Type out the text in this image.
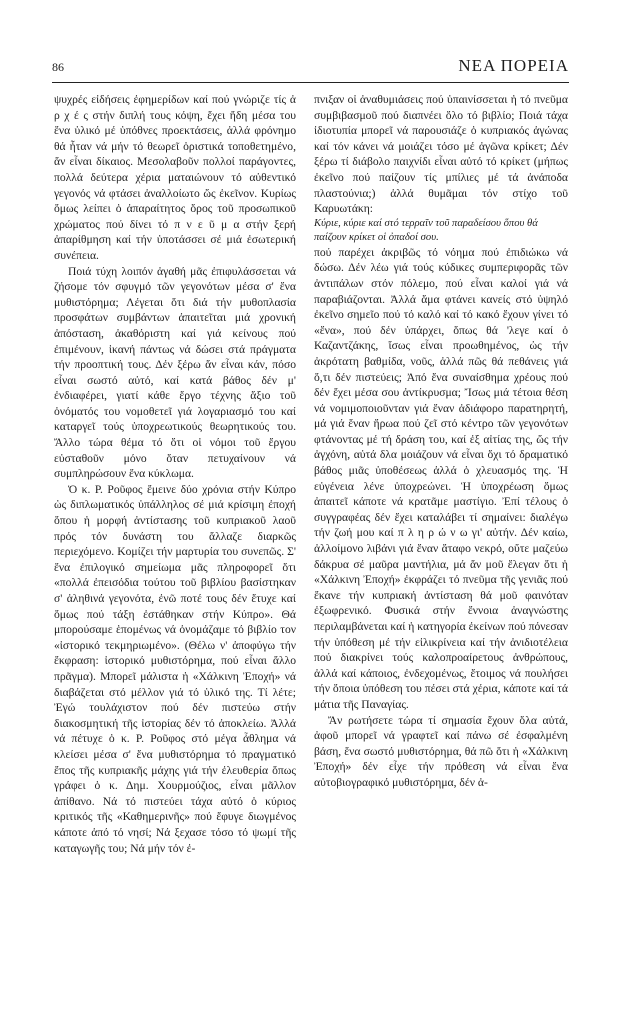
86	ΝΕΑ ΠΟΡΕΙΑ

ψυχρές εἰδήσεις ἐφημερίδων καί πού γνώριζε τίς ἀ ρ χ έ ς στήν διπλή τους κόψη, ἔχει ἤδη μέσα του ἕνα ὑλικό μέ ὑπόθνες προεκτάσεις, ἀλλά φρόνημο θά ἦταν νά μήν τό θεωρεῖ ὁριστικά τοποθετημένο, ἄν εἶναι δίκαιος. Μεσολαβοῦν πολλοί παράγοντες, πολλά δεύτερα χέρια ματαιώνουν τό αὐθεντικό γεγονός νά φτάσει ἀναλλοίωτο ὥς ἐκεῖνον. Κυρίως ὅμως λείπει ὁ ἀπαραίτητος ὅρος τοῦ προσωπικοῦ χρώματος πού δίνει τό π ν ε ῦ μ α στήν ξερή ἀπαρίθμηση καί τήν ὑποτάσσει σέ μιά ἐσωτερική συνέπεια.

Ποιά τύχη λοιπόν ἀγαθή μᾶς ἐπιφυλάσσεται νά ζήσομε τόν σφυγμό τῶν γεγονότων μέσα σ' ἕνα μυθιστόρημα; Λέγεται ὅτι διά τήν μυθοπλασία προσφάτων συμβάντων ἀπαιτεῖται μιά χρονική ἀπόσταση, ἀκαθόριστη καί γιά κείνους πού ἐπιμένουν, ἱκανή πάντως νά δώσει στά πράγματα τήν προοπτική τους. Δέν ξέρω ἄν εἶναι κάν, πόσο εἶναι σωστό αὐτό, καί κατά βάθος δέν μ' ἐνδιαφέρει, γιατί κάθε ἔργο τέχνης ἄξιο τοῦ ὀνόματός του νομοθετεῖ γιά λογαριασμό του καί καταργεῖ τούς ὑποχρεωτικούς θεωρητικούς του. Ἄλλο τώρα θέμα τό ὅτι οἱ νόμοι τοῦ ἔργου εὐσταθοῦν μόνο ὅταν πετυχαίνουν νά συμπληρώσουν ἕνα κύκλωμα.

Ὁ κ. Ρ. Ροῦφος ἔμεινε δύο χρόνια στήν Κύπρο ὡς διπλωματικός ὑπάλληλος σέ μιά κρίσιμη ἐποχή ὅπου ἡ μορφή ἀντίστασης τοῦ κυπριακοῦ λαοῦ πρός τόν δυνάστη του ἄλλαζε διαρκῶς περιεχόμενο. Κομίζει τήν μαρτυρία του συνεπῶς. Σ' ἕνα ἐπιλογικό σημείωμα μᾶς πληροφορεῖ ὅτι «πολλά ἐπεισόδια τούτου τοῦ βιβλίου βασίστηκαν σ' ἀληθινά γεγονότα, ἐνῶ ποτέ τους δέν ἔτυχε καί ὅμως πού τάξη ἐστάθηκαν στήν Κύπρο». Θά μπορούσαμε ἑπομένως νά ὀνομάζαμε τό βιβλίο τον «ἱστορικό τεκμηριωμένο». (Θέλω ν' ἀποφύγω τήν ἔκφραση: ἱστορικό μυθιστόρημα, πού εἶναι ἄλλο πρᾶγμα). Μπορεῖ μάλιστα ἡ «Χάλκινη Ἐποχή» νά διαβάζεται στό μέλλον γιά τό ὑλικό της. Τί λέτε; Ἐγώ τουλάχιστον πού δέν πιστεύω στήν διακοσμητική τῆς ἱστορίας δέν τό ἀποκλείω. Ἀλλά νά πέτυχε ὁ κ. Ρ. Ροῦφος στό μέγα ἆθλημα νά κλείσει μέσα σ' ἕνα μυθιστόρημα τό πραγματικό ἔπος τῆς κυπριακῆς μάχης γιά τήν ἐλευθερία ὅπως γράφει ὁ κ. Δημ. Χουρμούζιος, εἶναι μᾶλλον ἀπίθανο. Νά τό πιστεύει τάχα αὐτό ὁ κύριος κριτικός τῆς «Καθημερινῆς» πού ἔφυγε διωγμένος κάποτε ἀπό τό νησί; Νά ξεχασε τόσο τό ψωμί τῆς καταγωγῆς του; Νά μήν τόν ἐ-

πνιξαν οἱ ἀναθυμιάσεις πού ὑπαινίσσεται ἡ τό πνεῦμα συμβιβασμοῦ πού διαπνέει ὅλο τό βιβλίο; Ποιά τάχα ἰδιοτυπία μπορεῖ νά παρουσιάζε ὁ κυπριακός ἀγώνας καί τόν κάνει νά μοιάζει τόσο μέ ἀγῶνα κρίκετ; Δέν ξέρω τί διάβολο παιχνίδι εἶναι αὐτό τό κρίκετ (μήπως ἐκεῖνο πού παίζουν τίς μπίλιες μέ τά ἀνάποδα πλαστούνια;) ἀλλά θυμᾶμαι τόν στίχο τοῦ Καρυωτάκη:

Κύριε, κύριε καί στό τερραῖν τοῦ παραδείσου ὅπου θά παίζουν κρίκετ οἱ ὀπαδοί σου.

πού παρέχει ἀκριβῶς τό νόημα πού ἐπιδιώκω νά δώσω. Δέν λέω γιά τούς κύδικες συμπεριφορᾶς τῶν ἀντιπάλων στόν πόλεμο, πού εἶναι καλοί γιά νά παραβιάζονται. Ἀλλά ἅμα φτάνει κανείς στό ὑψηλό ἐκεῖνο σημεῖο πού τό καλό καί τό κακό ἔχουν γίνει τό «ἕνα», πού δέν ὑπάρχει, ὅπως θά 'λεγε καί ὁ Καζαντζάκης, ἴσως εἶναι προωθημένος, ὡς τήν ἀκρότατη βαθμίδα, νοῦς, ἀλλά πῶς θά πεθάνεις γιά ὅ,τι δέν πιστεύεις; Ἀπό ἕνα συναίσθημα χρέους πού δέν ἔχει μέσα σου ἀντίκρυσμα; Ἴσως μιά τέτοια θέση νά νομιμοποιοῦνταν γιά ἕναν ἀδιάφορο παρατηρητή, μά γιά ἕναν ἥρωα πού ζεῖ στό κέντρο τῶν γεγονότων φτάνοντας μέ τή δράση του, καί ἐξ αἰτίας της, ὥς τήν ἀγχόνη, αὐτά δλα μοιάζουν νά εἶναι ὄχι τό δραματικό βάθος μιᾶς ὑποθέσεως ἀλλά ὁ χλευασμός της. Ἡ εὐγένεια λένε ὑποχρεώνει. Ἡ ὑποχρέωση ὅμως ἀπαιτεῖ κάποτε νά κρατᾶμε μαστίγιο. Ἐπί τέλους ὁ συγγραφέας δέν ἔχει καταλάβει τί σημαίνει: διαλέγω τήν ζωή μου καί π λ η ρ ώ ν ω γι' αὐτήν. Δέν καίω, ἀλλοίμονο λιβάνι γιά ἕναν ἄταφο νεκρό, οὔτε μαζεύω δάκρυα σέ μαῦρα μαντήλια, μά ἄν μοῦ ἔλεγαν ὅτι ἡ «Χάλκινη Ἐποχή» ἐκφράζει τό πνεῦμα τῆς γενιᾶς πού ἔκανε τήν κυπριακή ἀντίσταση θά μοῦ φαινόταν ἐξωφρενικό. Φυσικά στήν ἔννοια ἀναγνώστης περιλαμβάνεται καί ἡ κατηγορία ἐκείνων πού πόνεσαν τήν ὑπόθεση μέ τήν εἰλικρίνεια καί τήν ἀνιδιοτέλεια πού διακρίνει τούς καλοπροαίρετους ἀνθρώπους, ἀλλά καί κάποιος, ἐνδεχομένως, ἕτοιμος νά πουλήσει τήν ὅποια ὑπόθεση του πέσει στά χέρια, κάποτε καί τά μάτια τῆς Παναγίας.

Ἄν ρωτήσετε τώρα τί σημασία ἔχουν ὅλα αὐτά, ἀφοῦ μπορεῖ νά γραφτεῖ καί πάνω σέ ἐσφαλμένη βάση, ἕνα σωστό μυθιστόρημα, θά πῶ ὅτι ἡ «Χάλκινη Ἐποχή» δέν εἶχε τήν πρόθεση νά εἶναι ἕνα αὐτοβιογραφικό μυθιστόρημα, δέν ἀ-
